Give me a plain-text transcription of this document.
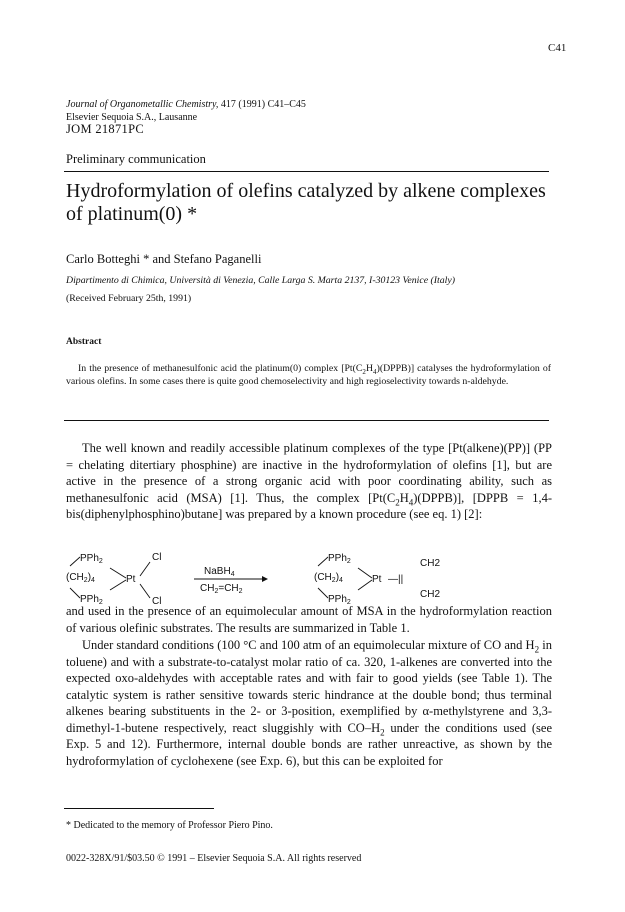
C41
Journal of Organometallic Chemistry, 417 (1991) C41–C45
Elsevier Sequoia S.A., Lausanne
JOM 21871PC
Preliminary communication
Hydroformylation of olefins catalyzed by alkene complexes
of platinum(0) *
Carlo Botteghi * and Stefano Paganelli
Dipartimento di Chimica, Università di Venezia, Calle Larga S. Marta 2137, I-30123 Venice (Italy)
(Received February 25th, 1991)
Abstract
In the presence of methanesulfonic acid the platinum(0) complex $[Pt(C_2H_4)(DPPB)]$ catalyses the hydroformylation of various olefins. In some cases there is quite good chemoselectivity and high regioselectivity towards n-aldehyde.
The well known and readily accessible platinum complexes of the type [Pt(alkene)(PP)] (PP = chelating ditertiary phosphine) are inactive in the hydroformylation of olefins [1], but are active in the presence of a strong organic acid with poor coordinating ability, such as methanesulfonic acid (MSA) [1]. Thus, the complex $[Pt(C_2H_4)(DPPB)]$, [DPPB = 1,4-bis(diphenylphosphino)butane] was prepared by a known procedure (see eq. 1) [2]:
PPh$_2$
$(CH_2)_4$	Pt
Cl
PPh$_2$	Cl
NaBH$_4$
$CH_2=CH_2$
PPh$_2$
$(CH_2)_4$	Pt —||
PPh$_2$
CH2
CH2
and used in the presence of an equimolecular amount of MSA in the hydroformylation reaction of various olefinic substrates. The results are summarized in Table 1.
Under standard conditions (100 °C and 100 atm of an equimolecular mixture of CO and $H_2$ in toluene) and with a substrate-to-catalyst molar ratio of ca. 320, 1-alkenes are converted into the expected oxo-aldehydes with acceptable rates and with fair to good yields (see Table 1). The catalytic system is rather sensitive towards steric hindrance at the double bond; thus terminal alkenes bearing substituents in the 2- or 3-position, exemplified by α-methylstyrene and 3,3-dimethyl-1-butene respectively, react sluggishly with $CO-H_2$ under the conditions used (see Exp. 5 and 12). Furthermore, internal double bonds are rather unreactive, as shown by the hydroformylation of cyclohexene (see Exp. 6), but this can be exploited for
* Dedicated to the memory of Professor Piero Pino.
0022-328X/91/$03.50 © 1991 – Elsevier Sequoia S.A. All rights reserved
